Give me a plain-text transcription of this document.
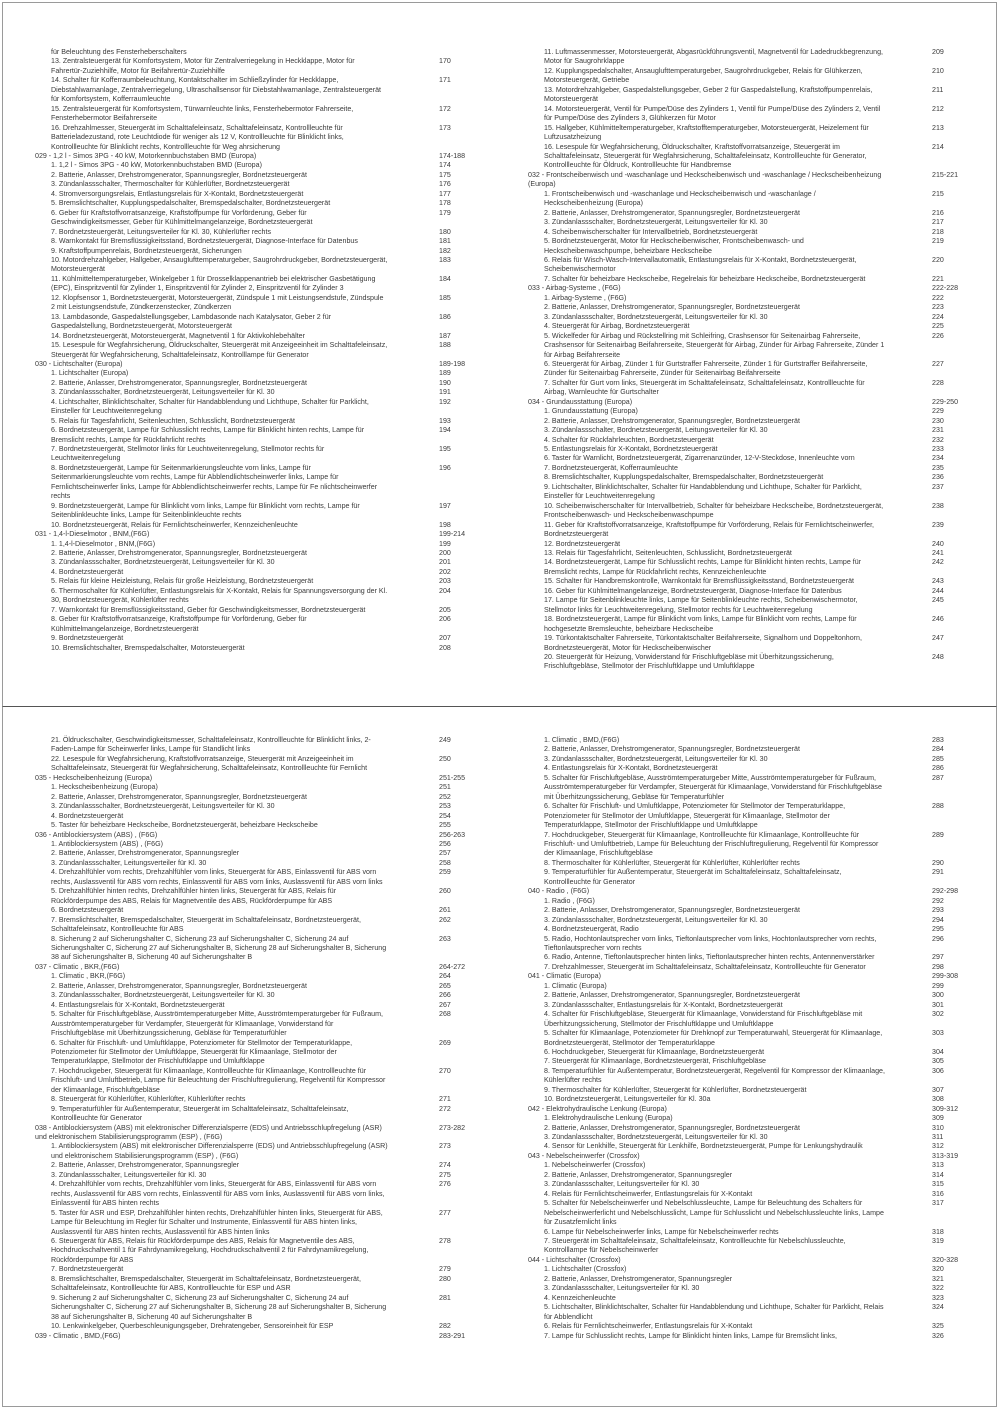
für Beleuchtung des Fensterheberschalters
13. Zentralsteuergerät für Komfortsystem, Motor für Zentralverriegelung in Heckklappe, Motor für Fahrertür-Zuziehhilfe, Motor für Beifahrertür-Zuziehhilfe
170
14. Schalter für Kofferraumbeleuchtung, Kontaktschalter im Schließzylinder für Heckklappe, Diebstahlwarnanlage, Zentralverriegelung, Ultraschallsensor für Diebstahlwarnanlage, Zentralsteuergerät für Komfortsystem, Kofferraumleuchte
171
15. Zentralsteuergerät für Komfortsystem, Türwarnleuchte links, Fensterhebermotor Fahrerseite, Fensterhebermotor Beifahrerseite
172
16. Drehzahlmesser, Steuergerät im Schalttafeleinsatz, Schalttafeleinsatz, Kontrollleuchte für Batterieladezustand, rote Leuchtdiode für weniger als 12 V, Kontrollleuchte für Blinklicht links, Kontrollleuchte für Blinklicht rechts, Kontrollleuchte für Weg ahrsicherung
173
029 - 1,2 l - Simos 3PG - 40 kW, Motorkennbuchstaben BMD (Europa)	174-188
1. 1,2 l - Simos 3PG - 40 kW, Motorkennbuchstaben BMD (Europa)	174
2. Batterie, Anlasser, Drehstromgenerator, Spannungsregler, Bordnetzsteuergerät	175
3. Zündanlassschalter, Thermoschalter für Kühlerlüfter, Bordnetzsteuergerät	176
4. Stromversorgungsrelais, Entlastungsrelais für X-Kontakt, Bordnetzsteuergerät	177
5. Bremslichtschalter, Kupplungspedalschalter, Bremspedalschalter, Bordnetzsteuergerät	178
6. Geber für Kraftstoffvorratsanzeige, Kraftstoffpumpe für Vorförderung, Geber für Geschwindigkeitsmesser, Geber für Kühlmittelmangelanzeige, Bordnetzsteuergerät
179
7. Bordnetzsteuergerät, Leitungsverteiler für Kl. 30, Kühlerlüfter rechts	180
8. Warnkontakt für Bremsflüssigkeitsstand, Bordnetzsteuergerät, Diagnose-Interface für Datenbus	181
9. Kraftstoffpumpenrelais, Bordnetzsteuergerät, Sicherungen	182
10. Motordrehzahlgeber, Hallgeber, Ansauglufttemperaturgeber, Saugrohrdruckgeber, Bordnetzsteuergerät, Motorsteuergerät
183
11. Kühlmitteltemperaturgeber, Winkelgeber 1 für Drosselklappenantrieb bei elektrischer Gasbetätigung (EPC), Einspritzventil für Zylinder 1, Einspritzventil für Zylinder 2, Einspritzventil für Zylinder 3
184
12. Klopfsensor 1, Bordnetzsteuergerät, Motorsteuergerät, Zündspule 1 mit Leistungsendstufe, Zündspule 2 mit Leistungsendstufe, Zündkerzenstecker, Zündkerzen
185
13. Lambdasonde, Gaspedalstellungsgeber, Lambdasonde nach Katalysator, Geber 2 für Gaspedalstellung, Bordnetzsteuergerät, Motorsteuergerät
186
14. Bordnetzsteuergerät, Motorsteuergerät, Magnetventil 1 für Aktivkohlebehälter	187
15. Lesespule für Wegfahrsicherung, Öldruckschalter, Steuergerät mit Anzeigeeinheit im Schalttafeleinsatz, Steuergerät für Wegfahrsicherung, Schalttafeleinsatz, Kontrolllampe für Generator
188
030 - Lichtschalter (Europa)	189-198
1. Lichtschalter (Europa)	189
2. Batterie, Anlasser, Drehstromgenerator, Spannungsregler, Bordnetzsteuergerät	190
3. Zündanlassschalter, Bordnetzsteuergerät, Leitungsverteiler für Kl. 30	191
4. Lichtschalter, Blinklichtschalter, Schalter für Handabblendung und Lichthupe, Schalter für Parklicht, Einsteller für Leuchtweitenregelung
192
5. Relais für Tagesfahrlicht, Seitenleuchten, Schlusslicht, Bordnetzsteuergerät	193
6. Bordnetzsteuergerät, Lampe für Schlusslicht rechts, Lampe für Blinklicht hinten rechts, Lampe für Bremslicht rechts, Lampe für Rückfahrlicht rechts
194
7. Bordnetzsteuergerät, Stellmotor links für Leuchtweitenregelung, Stellmotor rechts für Leuchtweitenregelung
195
8. Bordnetzsteuergerät, Lampe für Seitenmarkierungsleuchte vorn links, Lampe für Seitenmarkierungsleuchte vorn rechts, Lampe für Abblendlichtscheinwerfer links, Lampe für Fernlichtscheinwerfer links, Lampe für Abblendlichtscheinwerfer rechts, Lampe für Fe nlichtscheinwerfer rechts
196
9. Bordnetzsteuergerät, Lampe für Blinklicht vorn links, Lampe für Blinklicht vorn rechts, Lampe für Seitenblinkleuchte links, Lampe für Seitenblinkleuchte rechts
197
10. Bordnetzsteuergerät, Relais für Fernlichtscheinwerfer, Kennzeichenleuchte	198
031 - 1,4-l-Dieselmotor , BNM,(F6G)	199-214
1. 1,4-l-Dieselmotor , BNM,(F6G)	199
2. Batterie, Anlasser, Drehstromgenerator, Spannungsregler, Bordnetzsteuergerät	200
3. Zündanlassschalter, Bordnetzsteuergerät, Leitungsverteiler für Kl. 30	201
4. Bordnetzsteuergerät	202
5. Relais für kleine Heizleistung, Relais für große Heizleistung, Bordnetzsteuergerät	203
6. Thermoschalter für Kühlerlüfter, Entlastungsrelais für X-Kontakt, Relais für Spannungsversorgung der Kl. 30, Bordnetzsteuergerät, Kühlerlüfter rechts
204
7. Warnkontakt für Bremsflüssigkeitsstand, Geber für Geschwindigkeitsmesser, Bordnetzsteuergerät	205
8. Geber für Kraftstoffvorratsanzeige, Kraftstoffpumpe für Vorförderung, Geber für Kühlmittelmangelanzeige, Bordnetzsteuergerät
206
9. Bordnetzsteuergerät	207
10. Bremslichtschalter, Bremspedalschalter, Motorsteuergerät	208
11. Luftmassenmesser, Motorsteuergerät, Abgasrückführungsventil, Magnetventil für Ladedruckbegrenzung, Motor für Saugrohrklappe
209
12. Kupplungspedalschalter, Ansauglufttemperaturgeber, Saugrohrdruckgeber, Relais für Glühkerzen, Motorsteuergerät, Getriebe
210
13. Motordrehzahlgeber, Gaspedalstellungsgeber, Geber 2 für Gaspedalstellung, Kraftstoffpumpenrelais, Motorsteuergerät
211
14. Motorsteuergerät, Ventil für Pumpe/Düse des Zylinders 1, Ventil für Pumpe/Düse des Zylinders 2, Ventil für Pumpe/Düse des Zylinders 3, Glühkerzen für Motor
212
15. Hallgeber, Kühlmitteltemperaturgeber, Kraftstofftemperaturgeber, Motorsteuergerät, Heizelement für Luftzusatzheizung
213
16. Lesespule für Wegfahrsicherung, Öldruckschalter, Kraftstoffvorratsanzeige, Steuergerät im Schalttafeleinsatz, Steuergerät für Wegfahrsicherung, Schalttafeleinsatz, Kontrollleuchte für Generator, Kontrollleuchte für Öldruck, Kontrollleuchte für Handbremse
214
032 - Frontscheibenwisch und -waschanlage und Heckscheibenwisch und -waschanlage / Heckscheibenheizung (Europa)
215-221
1. Frontscheibenwisch und -waschanlage und Heckscheibenwisch und -waschanlage / Heckscheibenheizung (Europa)
215
2. Batterie, Anlasser, Drehstromgenerator, Spannungsregler, Bordnetzsteuergerät	216
3. Zündanlassschalter, Bordnetzsteuergerät, Leitungsverteiler für Kl. 30	217
4. Scheibenwischerschalter für Intervallbetrieb, Bordnetzsteuergerät	218
5. Bordnetzsteuergerät, Motor für Heckscheibenwischer, Frontscheibenwasch- und Heckscheibenwaschpumpe, beheizbare Heckscheibe
219
6. Relais für Wisch-Wasch-Intervallautomatik, Entlastungsrelais für X-Kontakt, Bordnetzsteuergerät, Scheibenwischermotor
220
7. Schalter für beheizbare Heckscheibe, Regelrelais für beheizbare Heckscheibe, Bordnetzsteuergerät	221
033 - Airbag-Systeme , (F6G)	222-228
1. Airbag-Systeme , (F6G)	222
2. Batterie, Anlasser, Drehstromgenerator, Spannungsregler, Bordnetzsteuergerät	223
3. Zündanlassschalter, Bordnetzsteuergerät, Leitungsverteiler für Kl. 30	224
4. Steuergerät für Airbag, Bordnetzsteuergerät	225
5. Wickelfeder für Airbag und Rückstellring mit Schleifring, Crashsensor für Seitenairbag Fahrerseite, Crashsensor für Seitenairbag Beifahrerseite, Steuergerät für Airbag, Zünder für Airbag Fahrerseite, Zünder 1 für Airbag Beifahrerseite
226
6. Steuergerät für Airbag, Zünder 1 für Gurtstraffer Fahrerseite, Zünder 1 für Gurtstraffer Beifahrerseite, Zünder für Seitenairbag Fahrerseite, Zünder für Seitenairbag Beifahrerseite
227
7. Schalter für Gurt vorn links, Steuergerät im Schalttafeleinsatz, Schalttafeleinsatz, Kontrollleuchte für Airbag, Warnleuchte für Gurtschalter
228
034 - Grundausstattung (Europa)	229-250
1. Grundausstattung (Europa)	229
2. Batterie, Anlasser, Drehstromgenerator, Spannungsregler, Bordnetzsteuergerät	230
3. Zündanlassschalter, Bordnetzsteuergerät, Leitungsverteiler für Kl. 30	231
4. Schalter für Rückfahrleuchten, Bordnetzsteuergerät	232
5. Entlastungsrelais für X-Kontakt, Bordnetzsteuergerät	233
6. Taster für Warnlicht, Bordnetzsteuergerät, Zigarrenanzünder, 12-V-Steckdose, Innenleuchte vorn	234
7. Bordnetzsteuergerät, Kofferraumleuchte	235
8. Bremslichtschalter, Kupplungspedalschalter, Bremspedalschalter, Bordnetzsteuergerät	236
9. Lichtschalter, Blinklichtschalter, Schalter für Handabblendung und Lichthupe, Schalter für Parklicht, Einsteller für Leuchtweitenregelung
237
10. Scheibenwischerschalter für Intervallbetrieb, Schalter für beheizbare Heckscheibe, Bordnetzsteuergerät, Frontscheibenwasch- und Heckscheibenwaschpumpe
238
11. Geber für Kraftstoffvorratsanzeige, Kraftstoffpumpe für Vorförderung, Relais für Fernlichtscheinwerfer, Bordnetzsteuergerät
239
12. Bordnetzsteuergerät	240
13. Relais für Tagesfahrlicht, Seitenleuchten, Schlusslicht, Bordnetzsteuergerät	241
14. Bordnetzsteuergerät, Lampe für Schlusslicht rechts, Lampe für Blinklicht hinten rechts, Lampe für Bremslicht rechts, Lampe für Rückfahrlicht rechts, Kennzeichenleuchte
242
15. Schalter für Handbremskontrolle, Warnkontakt für Bremsflüssigkeitsstand, Bordnetzsteuergerät	243
16. Geber für Kühlmittelmangelanzeige, Bordnetzsteuergerät, Diagnose-Interface für Datenbus	244
17. Lampe für Seitenblinkleuchte links, Lampe für Seitenblinkleuchte rechts, Scheibenwischermotor, Stellmotor links für Leuchtweitenregelung, Stellmotor rechts für Leuchtweitenregelung
245
18. Bordnetzsteuergerät, Lampe für Blinklicht vorn links, Lampe für Blinklicht vorn rechts, Lampe für hochgesetzte Bremsleuchte, beheizbare Heckscheibe
246
19. Türkontaktschalter Fahrerseite, Türkontaktschalter Beifahrerseite, Signalhorn und Doppeltonhorn, Bordnetzsteuergerät, Motor für Heckscheibenwischer
247
20. Steuergerät für Heizung, Vorwiderstand für Frischluftgebläse mit Überhitzungssicherung, Frischluftgebläse, Stellmotor der Frischluftklappe und Umluftklappe
248
21. Öldruckschalter, Geschwindigkeitsmesser, Schalttafeleinsatz, Kontrollleuchte für Blinklicht links, 2-Faden-Lampe für Scheinwerfer links, Lampe für Standlicht links
249
22. Lesespule für Wegfahrsicherung, Kraftstoffvorratsanzeige, Steuergerät mit Anzeigeeinheit im Schalttafeleinsatz, Steuergerät für Wegfahrsicherung, Schalttafeleinsatz, Kontrollleuchte für Fernlicht
250
035 - Heckscheibenheizung (Europa)	251-255
1. Heckscheibenheizung (Europa)	251
2. Batterie, Anlasser, Drehstromgenerator, Spannungsregler, Bordnetzsteuergerät	252
3. Zündanlassschalter, Bordnetzsteuergerät, Leitungsverteiler für Kl. 30	253
4. Bordnetzsteuergerät	254
5. Taster für beheizbare Heckscheibe, Bordnetzsteuergerät, beheizbare Heckscheibe	255
036 - Antiblockiersystem (ABS) , (F6G)	256-263
1. Antiblockiersystem (ABS) , (F6G)	256
2. Batterie, Anlasser, Drehstromgenerator, Spannungsregler	257
3. Zündanlassschalter, Leitungsverteiler für Kl. 30	258
4. Drehzahlfühler vorn rechts, Drehzahlfühler vorn links, Steuergerät für ABS, Einlassventil für ABS vorn rechts, Auslassventil für ABS vorn rechts, Einlassventil für ABS vorn links, Auslassventil für ABS vorn links
259
5. Drehzahlfühler hinten rechts, Drehzahlfühler hinten links, Steuergerät für ABS, Relais für Rückförderpumpe des ABS, Relais für Magnetventile des ABS, Rückförderpumpe für ABS
260
6. Bordnetzsteuergerät	261
7. Bremslichtschalter, Bremspedalschalter, Steuergerät im Schalttafeleinsatz, Bordnetzsteuergerät, Schalttafeleinsatz, Kontrollleuchte für ABS
262
8. Sicherung 2 auf Sicherungshalter C, Sicherung 23 auf Sicherungshalter C, Sicherung 24 auf Sicherungshalter C, Sicherung 27 auf Sicherungshalter B, Sicherung 28 auf Sicherungshalter B, Sicherung 38 auf Sicherungshalter B, Sicherung 40 auf Sicherungshalter B
263
037 - Climatic , BKR,(F6G)	264-272
1. Climatic , BKR,(F6G)	264
2. Batterie, Anlasser, Drehstromgenerator, Spannungsregler, Bordnetzsteuergerät	265
3. Zündanlassschalter, Bordnetzsteuergerät, Leitungsverteiler für Kl. 30	266
4. Entlastungsrelais für X-Kontakt, Bordnetzsteuergerät	267
5. Schalter für Frischluftgebläse, Ausströmtemperaturgeber Mitte, Ausströmtemperaturgeber für Fußraum, Ausströmtemperaturgeber für Verdampfer, Steuergerät für Klimaanlage, Vorwiderstand für Frischluftgebläse mit Überhitzungssicherung, Gebläse für Temperaturfühler
268
6. Schalter für Frischluft- und Umluftklappe, Potenziometer für Stellmotor der Temperaturklappe, Potenziometer für Stellmotor der Umluftklappe, Steuergerät für Klimaanlage, Stellmotor der Temperaturklappe, Stellmotor der Frischluftklappe und Umluftklappe
269
7. Hochdruckgeber, Steuergerät für Klimaanlage, Kontrollleuchte für Klimaanlage, Kontrollleuchte für Frischluft- und Umluftbetrieb, Lampe für Beleuchtung der Frischluftregulierung, Regelventil für Kompressor der Klimaanlage, Frischluftgebläse
270
8. Steuergerät für Kühlerlüfter, Kühlerlüfter, Kühlerlüfter rechts	271
9. Temperaturfühler für Außentemperatur, Steuergerät im Schalttafeleinsatz, Schalttafeleinsatz, Kontrollleuchte für Generator
272
038 - Antiblockiersystem (ABS) mit elektronischer Differenzialsperre (EDS) und Antriebsschlupfregelung (ASR) und elektronischem Stabilisierungsprogramm (ESP) , (F6G)
273-282
1. Antiblockiersystem (ABS) mit elektronischer Differenzialsperre (EDS) und Antriebsschlupfregelung (ASR) und elektronischem Stabilisierungsprogramm (ESP) , (F6G)
273
2. Batterie, Anlasser, Drehstromgenerator, Spannungsregler	274
3. Zündanlassschalter, Leitungsverteiler für Kl. 30	275
4. Drehzahlfühler vorn rechts, Drehzahlfühler vorn links, Steuergerät für ABS, Einlassventil für ABS vorn rechts, Auslassventil für ABS vorn rechts, Einlassventil für ABS vorn links, Auslassventil für ABS vorn links, Einlassventil für ABS hinten rechts
276
5. Taster für ASR und ESP, Drehzahlfühler hinten rechts, Drehzahlfühler hinten links, Steuergerät für ABS, Lampe für Beleuchtung im Regler für Schalter und Instrumente, Einlassventil für ABS hinten links, Auslassventil für ABS hinten rechts, Auslassventil für ABS hinten links
277
6. Steuergerät für ABS, Relais für Rückförderpumpe des ABS, Relais für Magnetventile des ABS, Hochdruckschaltventil 1 für Fahrdynamikregelung, Hochdruckschaltventil 2 für Fahrdynamikregelung, Rückförderpumpe für ABS
278
7. Bordnetzsteuergerät	279
8. Bremslichtschalter, Bremspedalschalter, Steuergerät im Schalttafeleinsatz, Bordnetzsteuergerät, Schalttafeleinsatz, Kontrollleuchte für ABS, Kontrollleuchte für ESP und ASR
280
9. Sicherung 2 auf Sicherungshalter C, Sicherung 23 auf Sicherungshalter C, Sicherung 24 auf Sicherungshalter C, Sicherung 27 auf Sicherungshalter B, Sicherung 28 auf Sicherungshalter B, Sicherung 38 auf Sicherungshalter B, Sicherung 40 auf Sicherungshalter B
281
10. Lenkwinkelgeber, Querbeschleunigungsgeber, Drehratengeber, Sensoreinheit für ESP	282
039 - Climatic , BMD,(F6G)	283-291
1. Climatic , BMD,(F6G)	283
2. Batterie, Anlasser, Drehstromgenerator, Spannungsregler, Bordnetzsteuergerät	284
3. Zündanlassschalter, Bordnetzsteuergerät, Leitungsverteiler für Kl. 30	285
4. Entlastungsrelais für X-Kontakt, Bordnetzsteuergerät	286
5. Schalter für Frischluftgebläse, Ausströmtemperaturgeber Mitte, Ausströmtemperaturgeber für Fußraum, Ausströmtemperaturgeber für Verdampfer, Steuergerät für Klimaanlage, Vorwiderstand für Frischluftgebläse mit Überhitzungssicherung, Gebläse für Temperaturfühler
287
6. Schalter für Frischluft- und Umluftklappe, Potenziometer für Stellmotor der Temperaturklappe, Potenziometer für Stellmotor der Umluftklappe, Steuergerät für Klimaanlage, Stellmotor der Temperaturklappe, Stellmotor der Frischluftklappe und Umluftklappe
288
7. Hochdruckgeber, Steuergerät für Klimaanlage, Kontrollleuchte für Klimaanlage, Kontrollleuchte für Frischluft- und Umluftbetrieb, Lampe für Beleuchtung der Frischluftregulierung, Regelventil für Kompressor der Klimaanlage, Frischluftgebläse
289
8. Thermoschalter für Kühlerlüfter, Steuergerät für Kühlerlüfter, Kühlerlüfter rechts	290
9. Temperaturfühler für Außentemperatur, Steuergerät im Schalttafeleinsatz, Schalttafeleinsatz, Kontrollleuchte für Generator
291
040 - Radio , (F6G)	292-298
1. Radio , (F6G)	292
2. Batterie, Anlasser, Drehstromgenerator, Spannungsregler, Bordnetzsteuergerät	293
3. Zündanlassschalter, Bordnetzsteuergerät, Leitungsverteiler für Kl. 30	294
4. Bordnetzsteuergerät, Radio	295
5. Radio, Hochtonlautsprecher vorn links, Tieftonlautsprecher vorn links, Hochtonlautsprecher vorn rechts, Tieftonlautsprecher vorn rechts
296
6. Radio, Antenne, Tieftonlautsprecher hinten links, Tieftonlautsprecher hinten rechts, Antennenverstärker	297
7. Drehzahlmesser, Steuergerät im Schalttafeleinsatz, Schalttafeleinsatz, Kontrollleuchte für Generator	298
041 - Climatic (Europa)	299-308
1. Climatic (Europa)	299
2. Batterie, Anlasser, Drehstromgenerator, Spannungsregler, Bordnetzsteuergerät	300
3. Zündanlassschalter, Entlastungsrelais für X-Kontakt, Bordnetzsteuergerät	301
4. Schalter für Frischluftgebläse, Steuergerät für Klimaanlage, Vorwiderstand für Frischluftgebläse mit Überhitzungssicherung, Stellmotor der Frischluftklappe und Umluftklappe
302
5. Schalter für Klimaanlage, Potenziometer für Drehknopf zur Temperaturwahl, Steuergerät für Klimaanlage, Bordnetzsteuergerät, Stellmotor der Temperaturklappe
303
6. Hochdruckgeber, Steuergerät für Klimaanlage, Bordnetzsteuergerät	304
7. Steuergerät für Klimaanlage, Bordnetzsteuergerät, Frischluftgebläse	305
8. Temperaturfühler für Außentemperatur, Bordnetzsteuergerät, Regelventil für Kompressor der Klimaanlage, Kühlerlüfter rechts
306
9. Thermoschalter für Kühlerlüfter, Steuergerät für Kühlerlüfter, Bordnetzsteuergerät	307
10. Bordnetzsteuergerät, Leitungsverteiler für Kl. 30a	308
042 - Elektrohydraulische Lenkung (Europa)	309-312
1. Elektrohydraulische Lenkung (Europa)	309
2. Batterie, Anlasser, Drehstromgenerator, Spannungsregler, Bordnetzsteuergerät	310
3. Zündanlassschalter, Bordnetzsteuergerät, Leitungsverteiler für Kl. 30	311
4. Sensor für Lenkhilfe, Steuergerät für Lenkhilfe, Bordnetzsteuergerät, Pumpe für Lenkungshydraulik	312
043 - Nebelscheinwerfer (Crossfox)	313-319
1. Nebelscheinwerfer (Crossfox)	313
2. Batterie, Anlasser, Drehstromgenerator, Spannungsregler	314
3. Zündanlassschalter, Leitungsverteiler für Kl. 30	315
4. Relais für Fernlichtscheinwerfer, Entlastungsrelais für X-Kontakt	316
5. Schalter für Nebelscheinwerfer und Nebelschlussleuchte, Lampe für Beleuchtung des Schalters für Nebelscheinwerferlicht und Nebelschlusslicht, Lampe für Schlusslicht und Nebelschlussleuchte links, Lampe für Zusatzfernlicht links
317
6. Lampe für Nebelscheinwerfer links, Lampe für Nebelscheinwerfer rechts	318
7. Steuergerät im Schalttafeleinsatz, Schalttafeleinsatz, Kontrollleuchte für Nebelschlussleuchte, Kontrolllampe für Nebelscheinwerfer
319
044 - Lichtschalter (Crossfox)	320-328
1. Lichtschalter (Crossfox)	320
2. Batterie, Anlasser, Drehstromgenerator, Spannungsregler	321
3. Zündanlassschalter, Leitungsverteiler für Kl. 30	322
4. Kennzeichenleuchte	323
5. Lichtschalter, Blinklichtschalter, Schalter für Handabblendung und Lichthupe, Schalter für Parklicht, Relais für Abblendlicht
324
6. Relais für Fernlichtscheinwerfer, Entlastungsrelais für X-Kontakt	325
7. Lampe für Schlusslicht rechts, Lampe für Blinklicht hinten links, Lampe für Bremslicht links,	326
